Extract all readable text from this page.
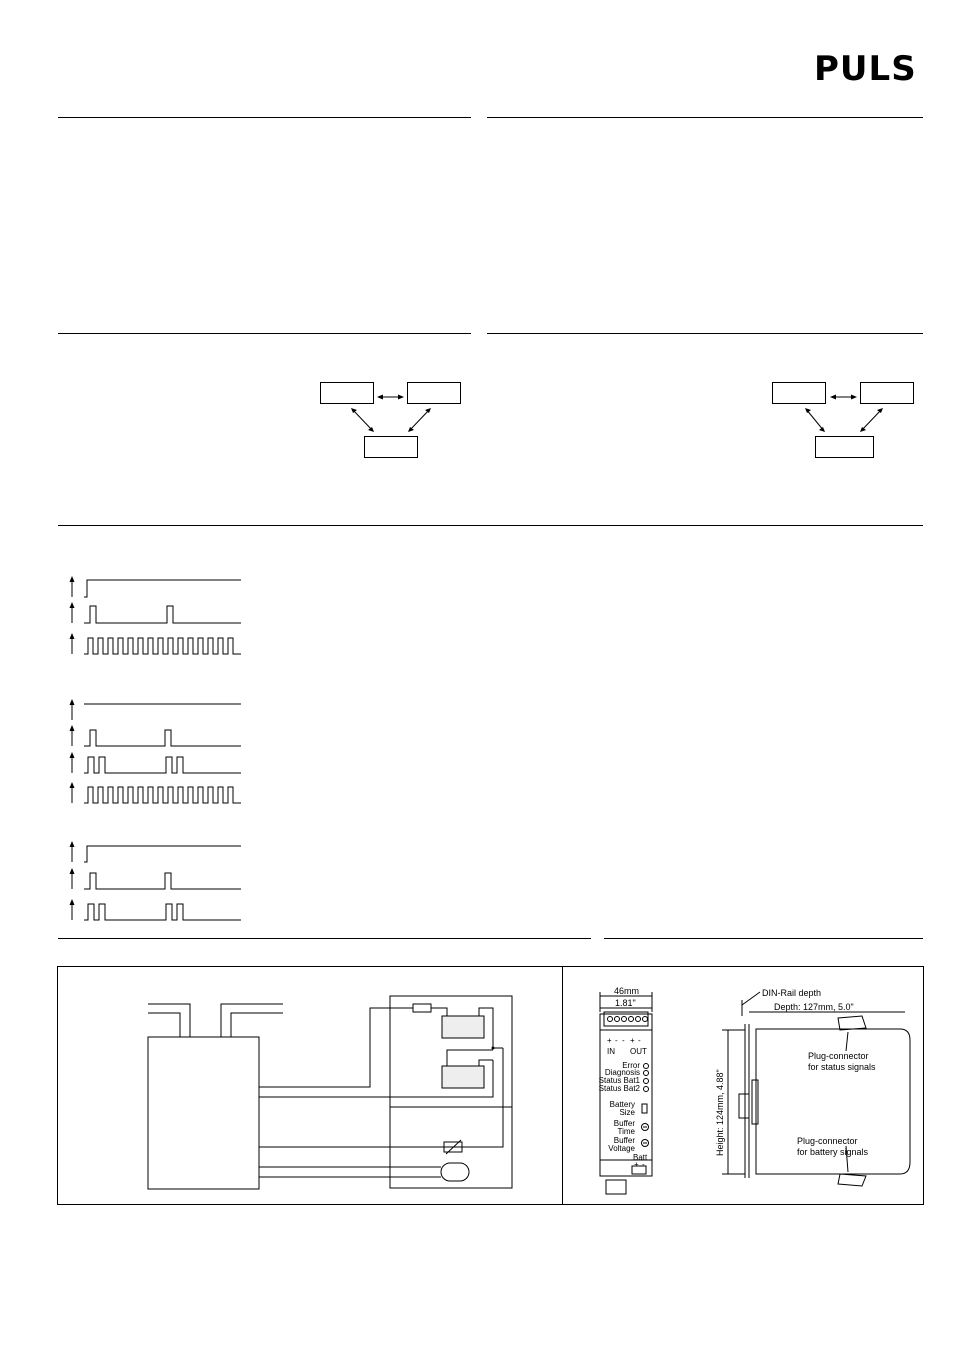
PULS
46mm
1.81"
+ - - + -
IN OUT
Error
Diagnosis
Status Bat1
Status Bat2
Battery
Size
Buffer
Time
Buffer
Voltage
Batt
+ -
DIN-Rail depth
Depth: 127mm, 5.0"
Height: 124mm, 4.88"
Plug-connector
for status signals
Plug-connector
for battery signals
